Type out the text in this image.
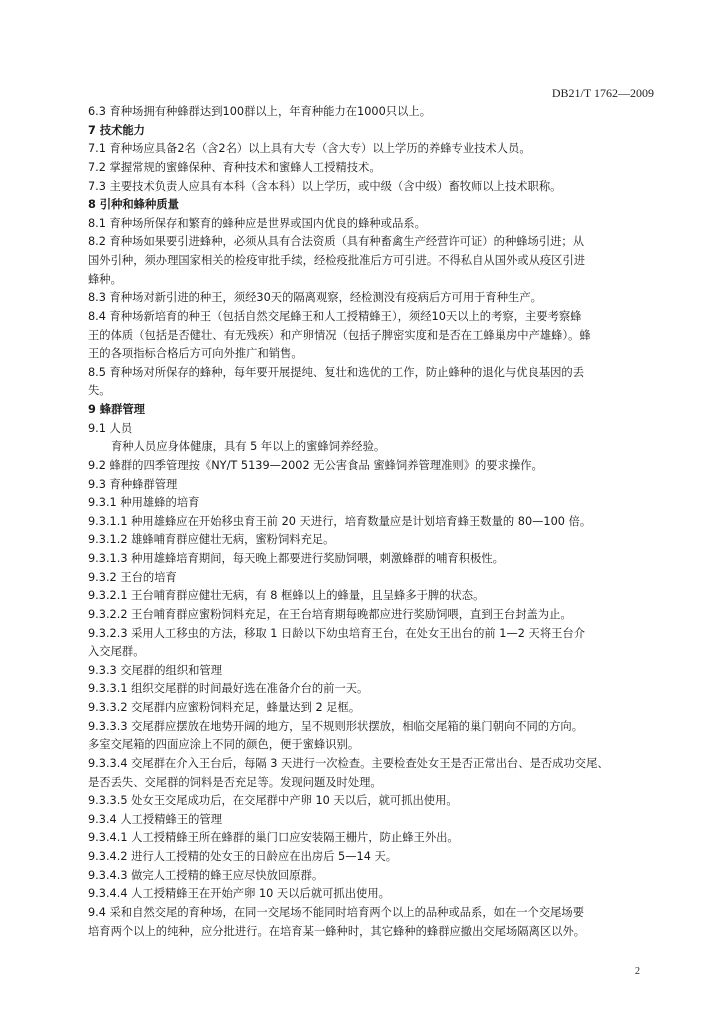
DB21/T 1762—2009
6.3 育种场拥有种蜂群达到100群以上，年育种能力在1000只以上。
7 技术能力
7.1 育种场应具备2名（含2名）以上具有大专（含大专）以上学历的养蜂专业技术人员。
7.2 掌握常规的蜜蜂保种、育种技术和蜜蜂人工授精技术。
7.3 主要技术负责人应具有本科（含本科）以上学历，或中级（含中级）畜牧师以上技术职称。
8 引种和蜂种质量
8.1 育种场所保存和繁育的蜂种应是世界或国内优良的蜂种或品系。
8.2 育种场如果要引进蜂种，必须从具有合法资质（具有种畜禽生产经营许可证）的种蜂场引进；从
国外引种，须办理国家相关的检疫审批手续，经检疫批准后方可引进。不得私自从国外或从疫区引进
蜂种。
8.3 育种场对新引进的种王，须经30天的隔离观察，经检测没有疫病后方可用于育种生产。
8.4 育种场新培育的种王（包括自然交尾蜂王和人工授精蜂王），须经10天以上的考察，主要考察蜂
王的体质（包括是否健壮、有无残疾）和产卵情况（包括子脾密实度和是否在工蜂巢房中产雄蜂）。蜂
王的各项指标合格后方可向外推广和销售。
8.5 育种场对所保存的蜂种，每年要开展提纯、复壮和选优的工作，防止蜂种的退化与优良基因的丢
失。
9 蜂群管理
9.1 人员
育种人员应身体健康，具有 5 年以上的蜜蜂饲养经验。
9.2 蜂群的四季管理按《NY/T 5139—2002 无公害食品 蜜蜂饲养管理准则》的要求操作。
9.3 育种蜂群管理
9.3.1 种用雄蜂的培育
9.3.1.1 种用雄蜂应在开始移虫育王前 20 天进行，培育数量应是计划培育蜂王数量的 80—100 倍。
9.3.1.2 雄蜂哺育群应健壮无病，蜜粉饲料充足。
9.3.1.3 种用雄蜂培育期间，每天晚上都要进行奖励饲喂，刺激蜂群的哺育积极性。
9.3.2 王台的培育
9.3.2.1 王台哺育群应健壮无病，有 8 框蜂以上的蜂量，且呈蜂多于脾的状态。
9.3.2.2 王台哺育群应蜜粉饲料充足，在王台培育期每晚都应进行奖励饲喂，直到王台封盖为止。
9.3.2.3 采用人工移虫的方法，移取 1 日龄以下幼虫培育王台，在处女王出台的前 1—2 天将王台介
入交尾群。
9.3.3 交尾群的组织和管理
9.3.3.1 组织交尾群的时间最好选在准备介台的前一天。
9.3.3.2 交尾群内应蜜粉饲料充足，蜂量达到 2 足框。
9.3.3.3 交尾群应摆放在地势开阔的地方，呈不规则形状摆放，相临交尾箱的巢门朝向不同的方向。
多室交尾箱的四面应涂上不同的颜色，便于蜜蜂识别。
9.3.3.4 交尾群在介入王台后，每隔 3 天进行一次检查。主要检查处女王是否正常出台、是否成功交尾、
是否丢失、交尾群的饲料是否充足等。发现问题及时处理。
9.3.3.5 处女王交尾成功后，在交尾群中产卵 10 天以后，就可抓出使用。
9.3.4 人工授精蜂王的管理
9.3.4.1 人工授精蜂王所在蜂群的巢门口应安装隔王栅片，防止蜂王外出。
9.3.4.2 进行人工授精的处女王的日龄应在出房后 5—14 天。
9.3.4.3 做完人工授精的蜂王应尽快放回原群。
9.3.4.4 人工授精蜂王在开始产卵 10 天以后就可抓出使用。
9.4 采和自然交尾的育种场，在同一交尾场不能同时培育两个以上的品种或品系，如在一个交尾场要
培育两个以上的纯种，应分批进行。在培育某一蜂种时，其它蜂种的蜂群应撤出交尾场隔离区以外。
2
